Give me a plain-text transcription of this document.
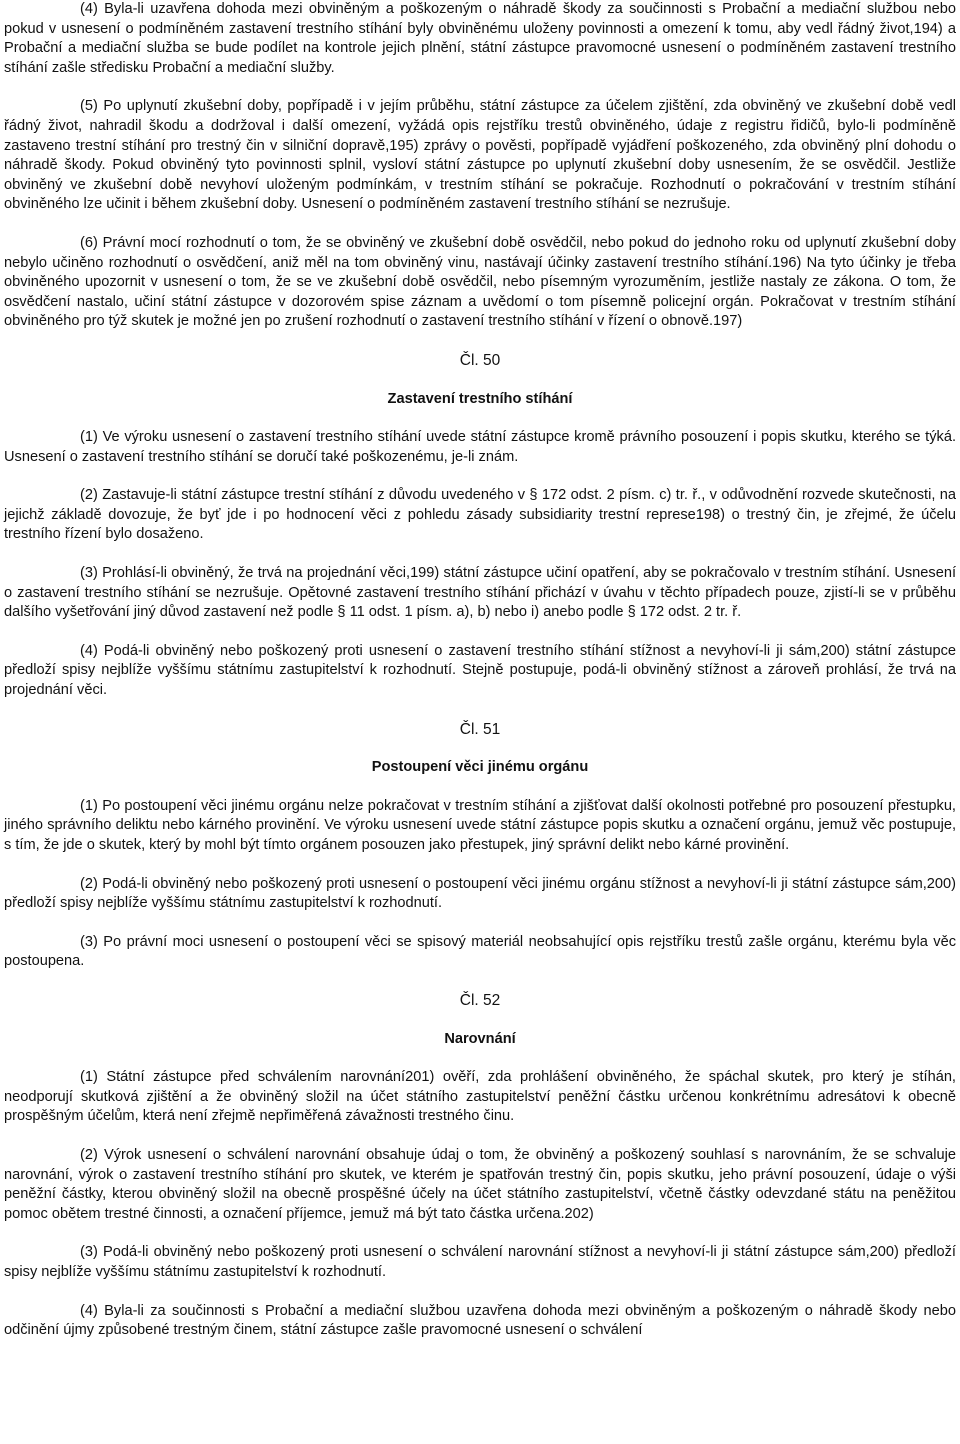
(4) Byla-li uzavřena dohoda mezi obviněným a poškozeným o náhradě škody za součinnosti s Probační a mediační službou nebo pokud v usnesení o podmíněném zastavení trestního stíhání byly obviněnému uloženy povinnosti a omezení k tomu, aby vedl řádný život,194) a Probační a mediační služba se bude podílet na kontrole jejich plnění, státní zástupce pravomocné usnesení o podmíněném zastavení trestního stíhání zašle středisku Probační a mediační služby.

(5) Po uplynutí zkušební doby, popřípadě i v jejím průběhu, státní zástupce za účelem zjištění, zda obviněný ve zkušební době vedl řádný život, nahradil škodu a dodržoval i další omezení, vyžádá opis rejstříku trestů obviněného, údaje z registru řidičů, bylo-li podmíněně zastaveno trestní stíhání pro trestný čin v silniční dopravě,195) zprávy o pověsti, popřípadě vyjádření poškozeného, zda obviněný plní dohodu o náhradě škody. Pokud obviněný tyto povinnosti splnil, vysloví státní zástupce po uplynutí zkušební doby usnesením, že se osvědčil. Jestliže obviněný ve zkušební době nevyhoví uloženým podmínkám, v trestním stíhání se pokračuje. Rozhodnutí o pokračování v trestním stíhání obviněného lze učinit i během zkušební doby. Usnesení o podmíněném zastavení trestního stíhání se nezrušuje.

(6) Právní mocí rozhodnutí o tom, že se obviněný ve zkušební době osvědčil, nebo pokud do jednoho roku od uplynutí zkušební doby nebylo učiněno rozhodnutí o osvědčení, aniž měl na tom obviněný vinu, nastávají účinky zastavení trestního stíhání.196) Na tyto účinky je třeba obviněného upozornit v usnesení o tom, že se ve zkušební době osvědčil, nebo písemným vyrozuměním, jestliže nastaly ze zákona. O tom, že osvědčení nastalo, učiní státní zástupce v dozorovém spise záznam a uvědomí o tom písemně policejní orgán. Pokračovat v trestním stíhání obviněného pro týž skutek je možné jen po zrušení rozhodnutí o zastavení trestního stíhání v řízení o obnově.197)

Čl. 50
Zastavení trestního stíhání

(1) Ve výroku usnesení o zastavení trestního stíhání uvede státní zástupce kromě právního posouzení i popis skutku, kterého se týká. Usnesení o zastavení trestního stíhání se doručí také poškozenému, je-li znám.

(2) Zastavuje-li státní zástupce trestní stíhání z důvodu uvedeného v § 172 odst. 2 písm. c) tr. ř., v odůvodnění rozvede skutečnosti, na jejichž základě dovozuje, že byť jde i po hodnocení věci z pohledu zásady subsidiarity trestní represe198) o trestný čin, je zřejmé, že účelu trestního řízení bylo dosaženo.

(3) Prohlásí-li obviněný, že trvá na projednání věci,199) státní zástupce učiní opatření, aby se pokračovalo v trestním stíhání. Usnesení o zastavení trestního stíhání se nezrušuje. Opětovné zastavení trestního stíhání přichází v úvahu v těchto případech pouze, zjistí-li se v průběhu dalšího vyšetřování jiný důvod zastavení než podle § 11 odst. 1 písm. a), b) nebo i) anebo podle § 172 odst. 2 tr. ř.

(4) Podá-li obviněný nebo poškozený proti usnesení o zastavení trestního stíhání stížnost a nevyhoví-li ji sám,200) státní zástupce předloží spisy nejblíže vyššímu státnímu zastupitelství k rozhodnutí. Stejně postupuje, podá-li obviněný stížnost a zároveň prohlásí, že trvá na projednání věci.

Čl. 51
Postoupení věci jinému orgánu

(1) Po postoupení věci jinému orgánu nelze pokračovat v trestním stíhání a zjišťovat další okolnosti potřebné pro posouzení přestupku, jiného správního deliktu nebo kárného provinění. Ve výroku usnesení uvede státní zástupce popis skutku a označení orgánu, jemuž věc postupuje, s tím, že jde o skutek, který by mohl být tímto orgánem posouzen jako přestupek, jiný správní delikt nebo kárné provinění.

(2) Podá-li obviněný nebo poškozený proti usnesení o postoupení věci jinému orgánu stížnost a nevyhoví-li ji státní zástupce sám,200) předloží spisy nejblíže vyššímu státnímu zastupitelství k rozhodnutí.

(3) Po právní moci usnesení o postoupení věci se spisový materiál neobsahující opis rejstříku trestů zašle orgánu, kterému byla věc postoupena.

Čl. 52
Narovnání

(1) Státní zástupce před schválením narovnání201) ověří, zda prohlášení obviněného, že spáchal skutek, pro který je stíhán, neodporují skutková zjištění a že obviněný složil na účet státního zastupitelství peněžní částku určenou konkrétnímu adresátovi k obecně prospěšným účelům, která není zřejmě nepřiměřená závažnosti trestného činu.

(2) Výrok usnesení o schválení narovnání obsahuje údaj o tom, že obviněný a poškozený souhlasí s narovnáním, že se schvaluje narovnání, výrok o zastavení trestního stíhání pro skutek, ve kterém je spatřován trestný čin, popis skutku, jeho právní posouzení, údaje o výši peněžní částky, kterou obviněný složil na obecně prospěšné účely na účet státního zastupitelství, včetně částky odevzdané státu na peněžitou pomoc obětem trestné činnosti, a označení příjemce, jemuž má být tato částka určena.202)

(3) Podá-li obviněný nebo poškozený proti usnesení o schválení narovnání stížnost a nevyhoví-li ji státní zástupce sám,200) předloží spisy nejblíže vyššímu státnímu zastupitelství k rozhodnutí.

(4) Byla-li za součinnosti s Probační a mediační službou uzavřena dohoda mezi obviněným a poškozeným o náhradě škody nebo odčinění újmy způsobené trestným činem, státní zástupce zašle pravomocné usnesení o schválení
